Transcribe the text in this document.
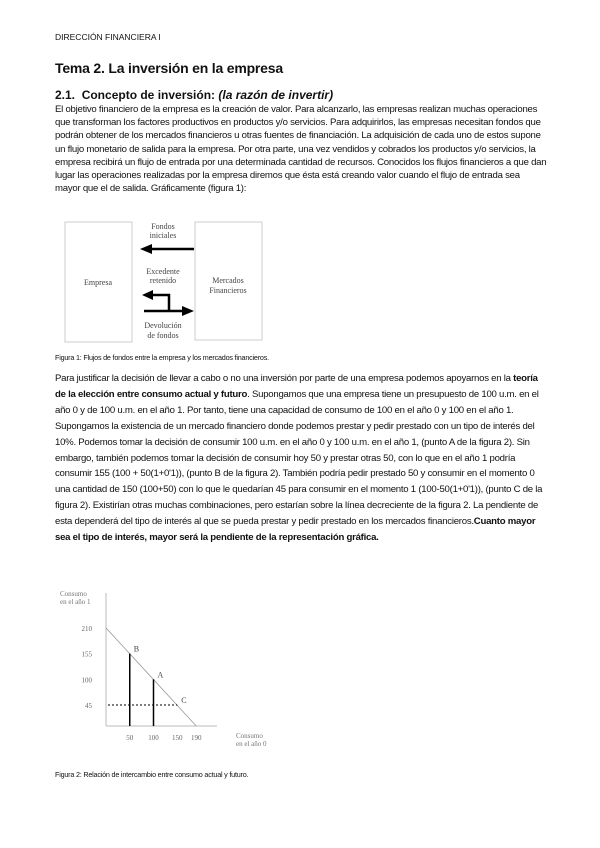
DIRECCIÓN FINANCIERA I
Tema 2. La inversión en la empresa
2.1. Concepto de inversión: (la razón de invertir)
El objetivo financiero de la empresa es la creación de valor. Para alcanzarlo, las empresas realizan muchas operaciones que transforman los factores productivos en productos y/o servicios. Para adquirirlos, las empresas necesitan fondos que podrán obtener de los mercados financieros u otras fuentes de financiación. La adquisición de cada uno de estos supone un flujo monetario de salida para la empresa. Por otra parte, una vez vendidos y cobrados los productos y/o servicios, la empresa recibirá un flujo de entrada por una determinada cantidad de recursos. Conocidos los flujos financieros a que dan lugar las operaciones realizadas por la empresa diremos que ésta está creando valor cuando el flujo de entrada sea mayor que el de salida. Gráficamente (figura 1):
Empresa	Mercados
Financieros
Fondos
iniciales
Excedente
retenido
Devolución
de fondos
Figura 1: Flujos de fondos entre la empresa y los mercados financieros.
Para justificar la decisión de llevar a cabo o no una inversión por parte de una empresa podemos apoyarnos en la teoría de la elección entre consumo actual y futuro. Supongamos que una empresa tiene un presupuesto de 100 u.m. en el año 0 y de 100 u.m. en el año 1. Por tanto, tiene una capacidad de consumo de 100 en el año 0 y 100 en el año 1. Supongamos la existencia de un mercado financiero donde podemos prestar y pedir prestado con un tipo de interés del 10%. Podemos tomar la decisión de consumir 100 u.m. en el año 0 y 100 u.m. en el año 1, (punto A de la figura 2). Sin embargo, también podemos tomar la decisión de consumir hoy 50 y prestar otras 50, con lo que en el año 1 podría consumir 155 (100 + 50(1+0'1)), (punto B de la figura 2). También podría pedir prestado 50 y consumir en el momento 0 una cantidad de 150 (100+50) con lo que le quedarían 45 para consumir en el momento 1 (100-50(1+0'1)), (punto C de la figura 2). Existirían otras muchas combinaciones, pero estarían sobre la línea decreciente de la figura 2. La pendiente de esta dependerá del tipo de interés al que se pueda prestar y pedir prestado en los mercados financieros.Cuanto mayor sea el tipo de interés, mayor será la pendiente de la representación gráfica.
Consumo
en el año 1
Consumo
en el año 0
210
155
100
45
50 100 150 190
B
A
C
Figura 2: Relación de intercambio entre consumo actual y futuro.
